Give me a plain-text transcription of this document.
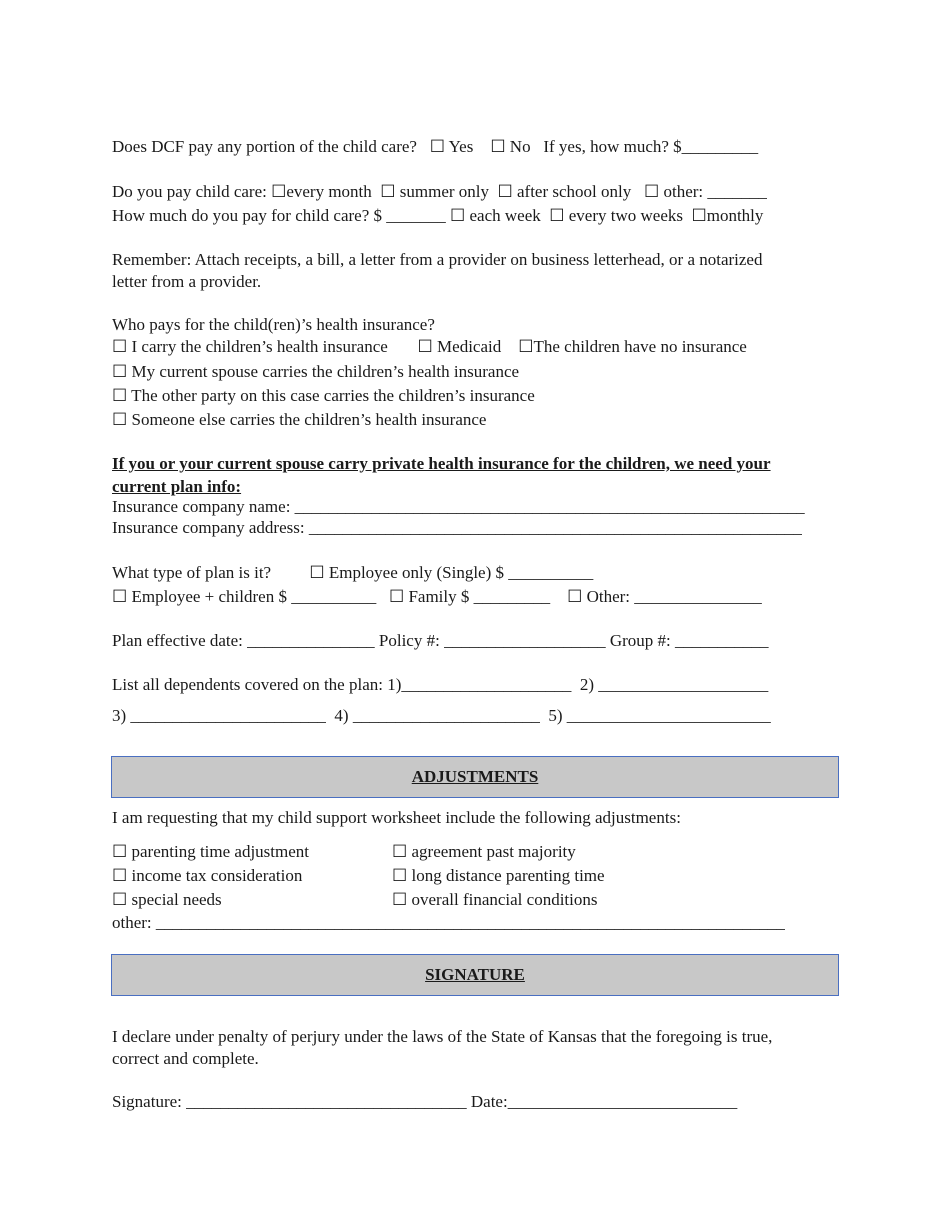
Does DCF pay any portion of the child care?   ☐ Yes    ☐ No   If yes, how much? $_________
Do you pay child care: ☐every month  ☐ summer only  ☐ after school only   ☐ other: _______
How much do you pay for child care? $ _______ ☐ each week  ☐ every two weeks  ☐monthly
Remember: Attach receipts, a bill, a letter from a provider on business letterhead, or a notarized
letter from a provider.
Who pays for the child(ren)’s health insurance?
☐ I carry the children’s health insurance       ☐ Medicaid    ☐The children have no insurance
☐ My current spouse carries the children’s health insurance
☐ The other party on this case carries the children’s insurance
☐ Someone else carries the children’s health insurance
If you or your current spouse carry private health insurance for the children, we need your
current plan info:
Insurance company name: ____________________________________________________________
Insurance company address: __________________________________________________________
What type of plan is it?         ☐ Employee only (Single) $ __________
☐ Employee + children $ __________   ☐ Family $ _________    ☐ Other: _______________
Plan effective date: _______________ Policy #: ___________________ Group #: ___________
List all dependents covered on the plan: 1)____________________  2) ____________________
3) _______________________  4) ______________________  5) ________________________
ADJUSTMENTS
I am requesting that my child support worksheet include the following adjustments:
☐ parenting time adjustment
☐ income tax consideration
☐ special needs
☐ agreement past majority
☐ long distance parenting time
☐ overall financial conditions
other: __________________________________________________________________________
SIGNATURE
I declare under penalty of perjury under the laws of the State of Kansas that the foregoing is true,
correct and complete.
Signature: _________________________________ Date:___________________________
